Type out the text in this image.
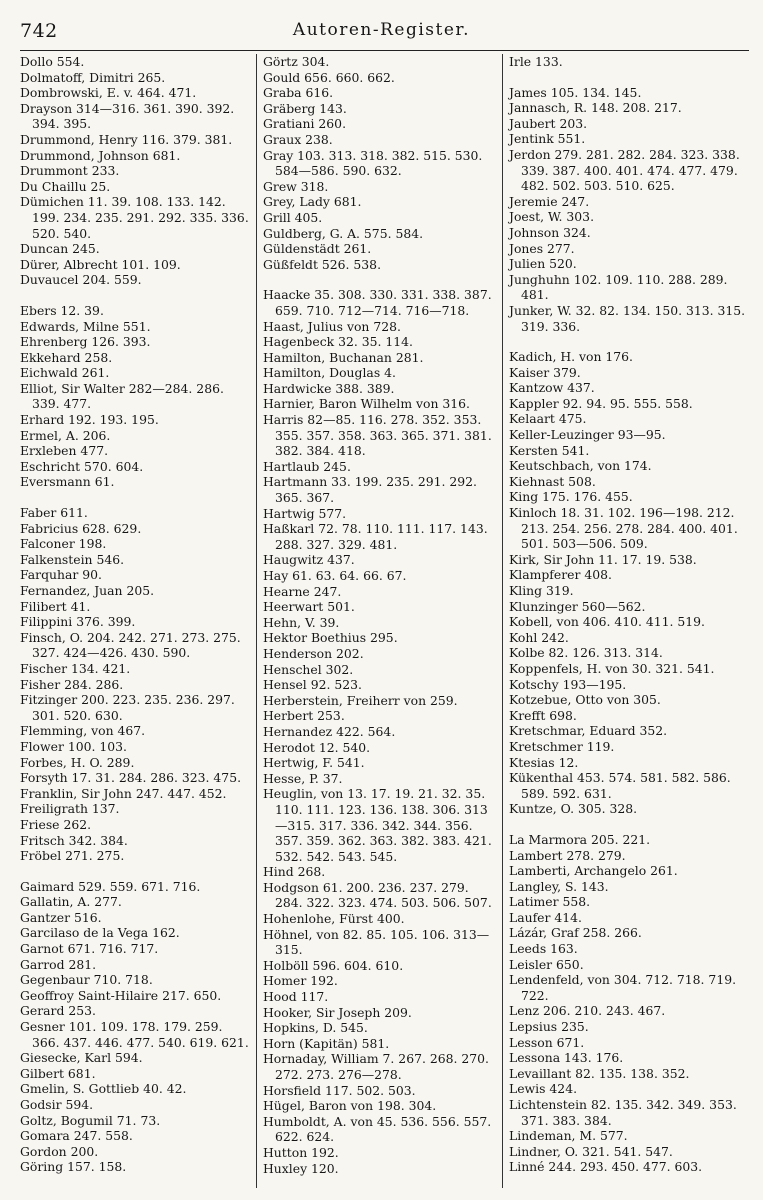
742	Autoren-Register.
Dollo 554.
Dolmatoff, Dimitri 265.
Dombrowski, E. v. 464. 471.
Drayson 314—316. 361. 390. 392. 394. 395.
Drummond, Henry 116. 379. 381.
Drummond, Johnson 681.
Drummont 233.
Du Chaillu 25.
Dümichen 11. 39. 108. 133. 142. 199. 234. 235. 291. 292. 335. 336. 520. 540.
Duncan 245.
Dürer, Albrecht 101. 109.
Duvaucel 204. 559.
Ebers 12. 39.
Edwards, Milne 551.
Ehrenberg 126. 393.
Ekkehard 258.
Eichwald 261.
Elliot, Sir Walter 282—284. 286. 339. 477.
Erhard 192. 193. 195.
Ermel, A. 206.
Erxleben 477.
Eschricht 570. 604.
Eversmann 61.
Faber 611.
Fabricius 628. 629.
Falconer 198.
Falkenstein 546.
Farquhar 90.
Fernandez, Juan 205.
Filibert 41.
Filippini 376. 399.
Finsch, O. 204. 242. 271. 273. 275. 327. 424—426. 430. 590.
Fischer 134. 421.
Fisher 284. 286.
Fitzinger 200. 223. 235. 236. 297. 301. 520. 630.
Flemming, von 467.
Flower 100. 103.
Forbes, H. O. 289.
Forsyth 17. 31. 284. 286. 323. 475.
Franklin, Sir John 247. 447. 452.
Freiligrath 137.
Friese 262.
Fritsch 342. 384.
Fröbel 271. 275.
Gaimard 529. 559. 671. 716.
Gallatin, A. 277.
Gantzer 516.
Garcilaso de la Vega 162.
Garnot 671. 716. 717.
Garrod 281.
Gegenbaur 710. 718.
Geoffroy Saint-Hilaire 217. 650.
Gerard 253.
Gesner 101. 109. 178. 179. 259. 366. 437. 446. 477. 540. 619. 621.
Giesecke, Karl 594.
Gilbert 681.
Gmelin, S. Gottlieb 40. 42.
Godsir 594.
Goltz, Bogumil 71. 73.
Gomara 247. 558.
Gordon 200.
Göring 157. 158.
Görtz 304.
Gould 656. 660. 662.
Graba 616.
Gräberg 143.
Gratiani 260.
Graux 238.
Gray 103. 313. 318. 382. 515. 530. 584—586. 590. 632.
Grew 318.
Grey, Lady 681.
Grill 405.
Guldberg, G. A. 575. 584.
Güldenstädt 261.
Güßfeldt 526. 538.
Haacke 35. 308. 330. 331. 338. 387. 659. 710. 712—714. 716—718.
Haast, Julius von 728.
Hagenbeck 32. 35. 114.
Hamilton, Buchanan 281.
Hamilton, Douglas 4.
Hardwicke 388. 389.
Harnier, Baron Wilhelm von 316.
Harris 82—85. 116. 278. 352. 353. 355. 357. 358. 363. 365. 371. 381. 382. 384. 418.
Hartlaub 245.
Hartmann 33. 199. 235. 291. 292. 365. 367.
Hartwig 577.
Haßkarl 72. 78. 110. 111. 117. 143. 288. 327. 329. 481.
Haugwitz 437.
Hay 61. 63. 64. 66. 67.
Hearne 247.
Heerwart 501.
Hehn, V. 39.
Hektor Boethius 295.
Henderson 202.
Henschel 302.
Hensel 92. 523.
Herberstein, Freiherr von 259.
Herbert 253.
Hernandez 422. 564.
Herodot 12. 540.
Hertwig, F. 541.
Hesse, P. 37.
Heuglin, von 13. 17. 19. 21. 32. 35. 110. 111. 123. 136. 138. 306. 313—315. 317. 336. 342. 344. 356. 357. 359. 362. 363. 382. 383. 421. 532. 542. 543. 545.
Hind 268.
Hodgson 61. 200. 236. 237. 279. 284. 322. 323. 474. 503. 506. 507.
Hohenlohe, Fürst 400.
Höhnel, von 82. 85. 105. 106. 313—315.
Holböll 596. 604. 610.
Homer 192.
Hood 117.
Hooker, Sir Joseph 209.
Hopkins, D. 545.
Horn (Kapitän) 581.
Hornaday, William 7. 267. 268. 270. 272. 273. 276—278.
Horsfield 117. 502. 503.
Hügel, Baron von 198. 304.
Humboldt, A. von 45. 536. 556. 557. 622. 624.
Hutton 192.
Huxley 120.
Irle 133.
James 105. 134. 145.
Jannasch, R. 148. 208. 217.
Jaubert 203.
Jentink 551.
Jerdon 279. 281. 282. 284. 323. 338. 339. 387. 400. 401. 474. 477. 479. 482. 502. 503. 510. 625.
Jeremie 247.
Joest, W. 303.
Johnson 324.
Jones 277.
Julien 520.
Junghuhn 102. 109. 110. 288. 289. 481.
Junker, W. 32. 82. 134. 150. 313. 315. 319. 336.
Kadich, H. von 176.
Kaiser 379.
Kantzow 437.
Kappler 92. 94. 95. 555. 558.
Kelaart 475.
Keller-Leuzinger 93—95.
Kersten 541.
Keutschbach, von 174.
Kiehnast 508.
King 175. 176. 455.
Kinloch 18. 31. 102. 196—198. 212. 213. 254. 256. 278. 284. 400. 401. 501. 503—506. 509.
Kirk, Sir John 11. 17. 19. 538.
Klampferer 408.
Kling 319.
Klunzinger 560—562.
Kobell, von 406. 410. 411. 519.
Kohl 242.
Kolbe 82. 126. 313. 314.
Koppenfels, H. von 30. 321. 541.
Kotschy 193—195.
Kotzebue, Otto von 305.
Krefft 698.
Kretschmar, Eduard 352.
Kretschmer 119.
Ktesias 12.
Kükenthal 453. 574. 581. 582. 586. 589. 592. 631.
Kuntze, O. 305. 328.
La Marmora 205. 221.
Lambert 278. 279.
Lamberti, Archangelo 261.
Langley, S. 143.
Latimer 558.
Laufer 414.
Lázár, Graf 258. 266.
Leeds 163.
Leisler 650.
Lendenfeld, von 304. 712. 718. 719. 722.
Lenz 206. 210. 243. 467.
Lepsius 235.
Lesson 671.
Lessona 143. 176.
Levaillant 82. 135. 138. 352.
Lewis 424.
Lichtenstein 82. 135. 342. 349. 353. 371. 383. 384.
Lindeman, M. 577.
Lindner, O. 321. 541. 547.
Linné 244. 293. 450. 477. 603.
